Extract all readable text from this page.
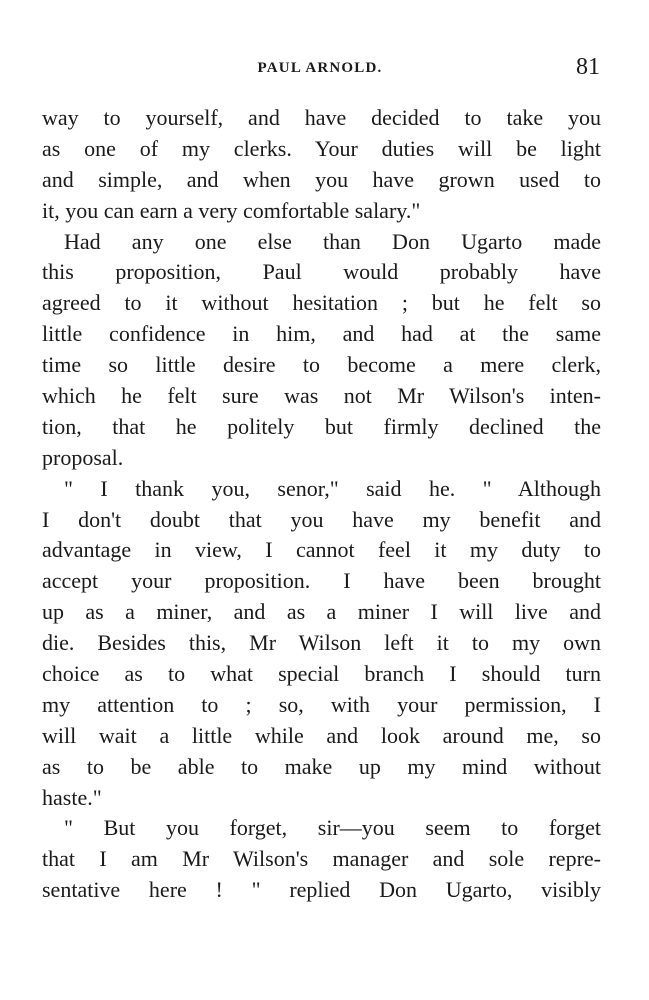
PAUL ARNOLD.	81
way to yourself, and have decided to take you
as one of my clerks. Your duties will be light
and simple, and when you have grown used to
it, you can earn a very comfortable salary."
Had any one else than Don Ugarto made
this proposition, Paul would probably have
agreed to it without hesitation ; but he felt so
little confidence in him, and had at the same
time so little desire to become a mere clerk,
which he felt sure was not Mr Wilson's inten-
tion, that he politely but firmly declined the
proposal.
" I thank you, senor," said he. " Although
I don't doubt that you have my benefit and
advantage in view, I cannot feel it my duty to
accept your proposition. I have been brought
up as a miner, and as a miner I will live and
die. Besides this, Mr Wilson left it to my own
choice as to what special branch I should turn
my attention to ; so, with your permission, I
will wait a little while and look around me, so
as to be able to make up my mind without
haste."
" But you forget, sir—you seem to forget
that I am Mr Wilson's manager and sole repre-
sentative here ! " replied Don Ugarto, visibly
